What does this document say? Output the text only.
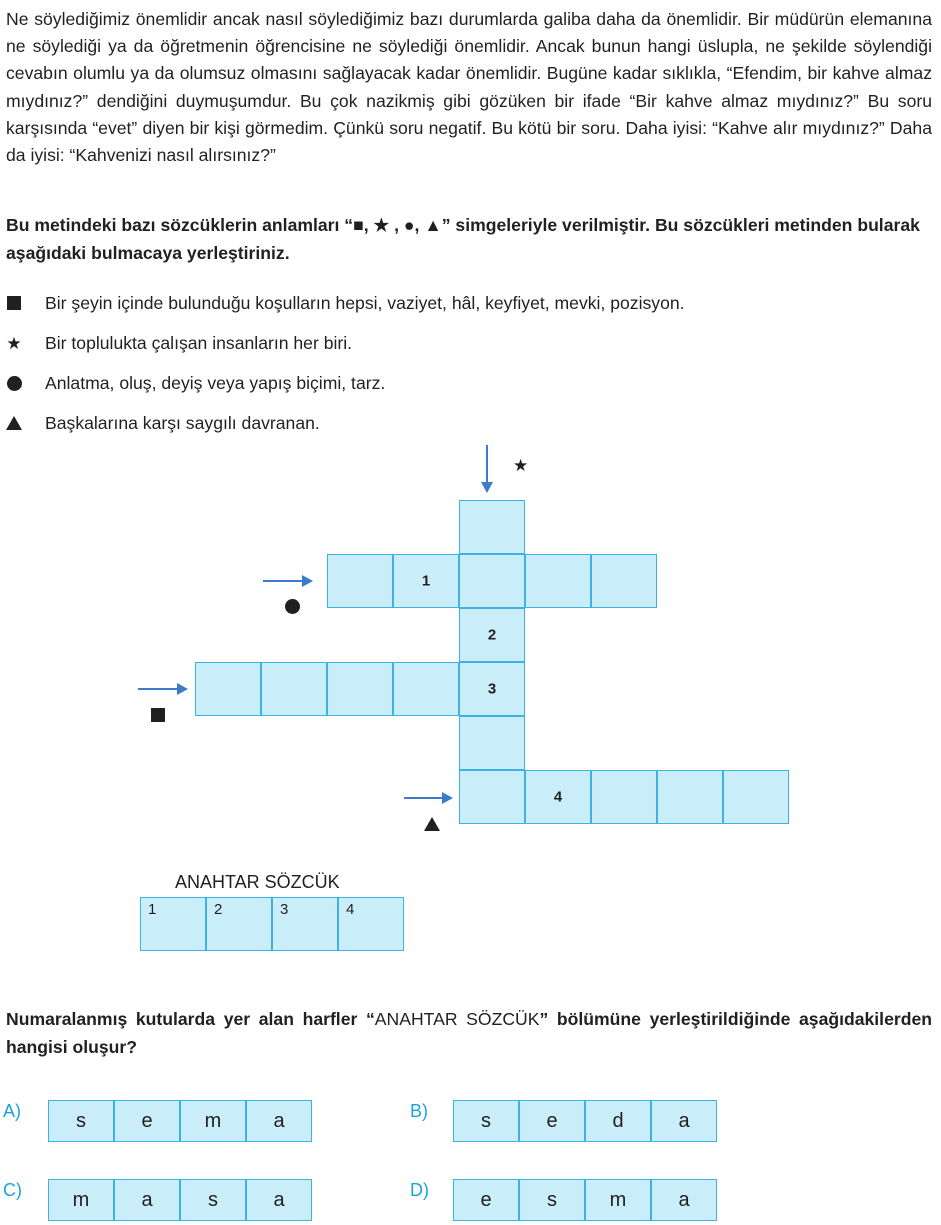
Ne söylediğimiz önemlidir ancak nasıl söylediğimiz bazı durumlarda galiba daha da önemlidir. Bir müdürün elemanına ne söylediği ya da öğretmenin öğrencisine ne söylediği önemlidir. Ancak bunun hangi üslupla, ne şekilde söylendiği cevabın olumlu ya da olumsuz olmasını sağlayacak kadar önemlidir. Bugüne kadar sıklıkla, “Efendim, bir kahve almaz mıydınız?” dendiğini duymuşumdur. Bu çok nazikmiş gibi gözüken bir ifade “Bir kahve almaz mıydınız?” Bu soru karşısında “evet” diyen bir kişi görmedim. Çünkü soru negatif. Bu kötü bir soru. Daha iyisi: “Kahve alır mıydınız?” Daha da iyisi: “Kahvenizi nasıl alırsınız?”

Bu metindeki bazı sözcüklerin anlamları “■, ★ , ●, ▲” simgeleriyle verilmiştir. Bu sözcükleri metinden bularak aşağıdaki bulmacaya yerleştiriniz.

Bir şeyin içinde bulunduğu koşulların hepsi, vaziyet, hâl, keyfiyet, mevki, pozisyon.
★ Bir toplulukta çalışan insanların her biri.
Anlatma, oluş, deyiş veya yapış biçimi, tarz.
Başkalarına karşı saygılı davranan.
2
3
1
4
★
ANAHTAR SÖZCÜK
1	2	3	4

Numaralanmış kutularda yer alan harfler “ANAHTAR SÖZCÜK” bölümüne yerleştirildiğinde aşağıdakilerden hangisi oluşur?

A)	s	e	m	a	B)	s	e	d	a
C)	m	a	s	a	D)	e	s	m	a
